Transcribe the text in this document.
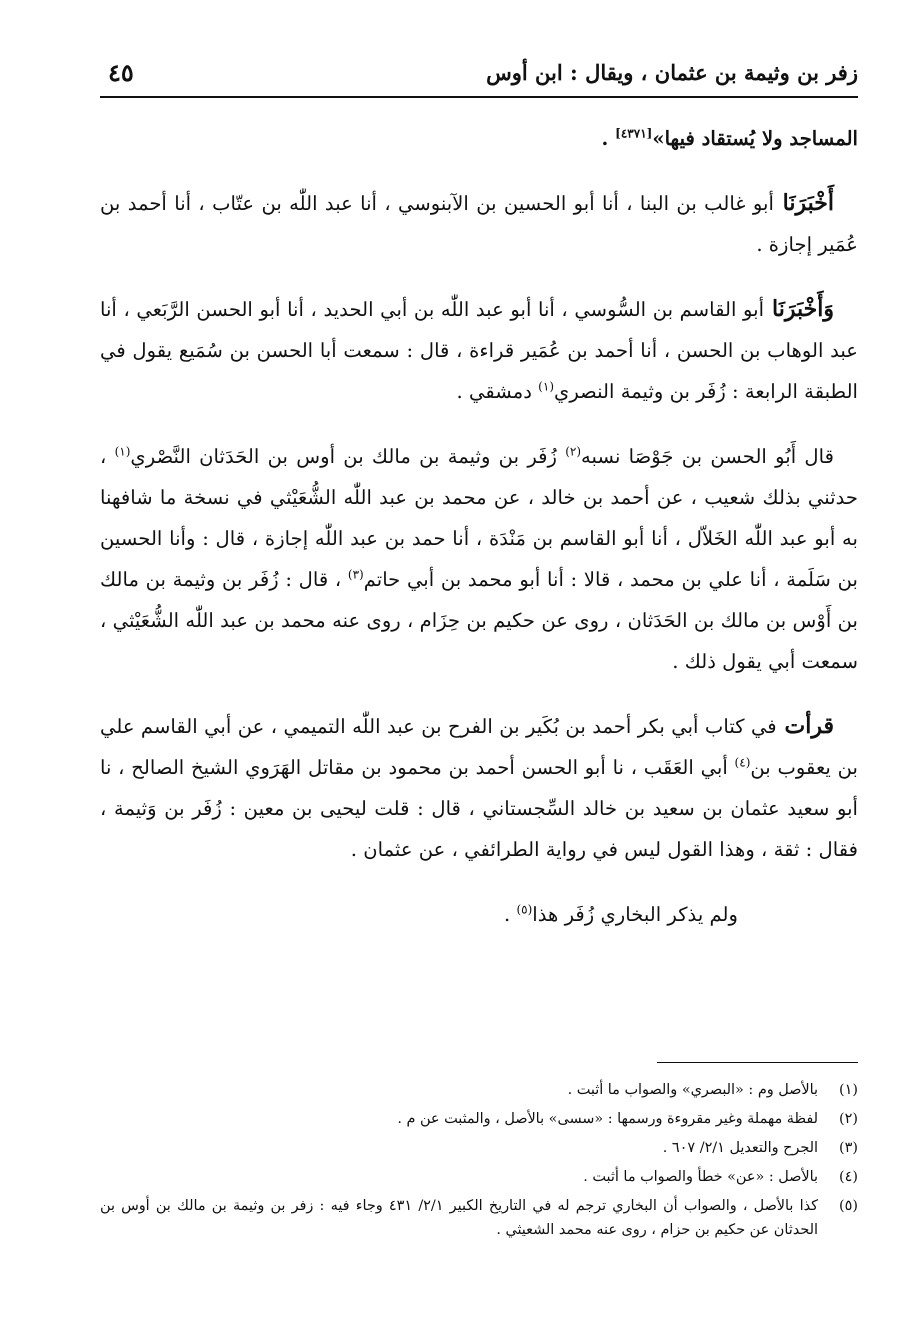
زفر بن وثيمة بن عثمان ، ويقال : ابن أوس
٤٥

المساجد ولا يُستقاد فيها»[٤٣٧١] .

أَخْبَرَنَا أبو غالب بن البنا ، أنا أبو الحسين بن الآبنوسي ، أنا عبد اللّٰه بن عتّاب ، أنا أحمد بن عُمَير إجازة .

وَأَخْبَرَنَا أبو القاسم بن السُّوسي ، أنا أبو عبد اللّٰه بن أبي الحديد ، أنا أبو الحسن الرَّبَعي ، أنا عبد الوهاب بن الحسن ، أنا أحمد بن عُمَير قراءة ، قال : سمعت أبا الحسن بن سُمَيع يقول في الطبقة الرابعة : زُفَر بن وثيمة النصري$^{(١)}$ دمشقي .

قال أَبُو الحسن بن جَوْصَا نسبه$^{(٢)}$ زُفَر بن وثيمة بن مالك بن أوس بن الحَدَثان النَّصْري$^{(١)}$ ، حدثني بذلك شعيب ، عن أحمد بن خالد ، عن محمد بن عبد اللّٰه الشُّعَيْثي في نسخة ما شافهنا به أبو عبد اللّٰه الخَلاّل ، أنا أبو القاسم بن مَنْدَة ، أنا حمد بن عبد اللّٰه إجازة ، قال : وأنا الحسين بن سَلَمة ، أنا علي بن محمد ، قالا : أنا أبو محمد بن أبي حاتم$^{(٣)}$ ، قال : زُفَر بن وثيمة بن مالك بن أَوْس بن مالك بن الحَدَثان ، روى عن حكيم بن حِزَام ، روى عنه محمد بن عبد اللّٰه الشُّعَيْثي ، سمعت أبي يقول ذلك .

قرأت في كتاب أبي بكر أحمد بن بُكَير بن الفرح بن عبد اللّٰه التميمي ، عن أبي القاسم علي بن يعقوب بن$^{(٤)}$ أبي العَقَب ، نا أبو الحسن أحمد بن محمود بن مقاتل الهَرَوي الشيخ الصالح ، نا أبو سعيد عثمان بن سعيد بن خالد السِّجستاني ، قال : قلت ليحيى بن معين : زُفَر بن وَثيمة ، فقال : ثقة ، وهذا القول ليس في رواية الطرائفي ، عن عثمان .

ولم يذكر البخاري زُفَر هذا$^{(٥)}$ .

(١)
بالأصل وم : «البصري» والصواب ما أثبت .
(٢)
لفظة مهملة وغير مقروءة ورسمها : «سسى» بالأصل ، والمثبت عن م .
(٣)
الجرح والتعديل ٢/١/ ٦٠٧ .
(٤)
بالأصل : «عن» خطأ والصواب ما أثبت .
(٥)
كذا بالأصل ، والصواب أن البخاري ترجم له في التاريخ الكبير ٢/١/ ٤٣١ وجاء فيه : زفر بن وثيمة بن مالك بن أوس بن الحدثان عن حكيم بن حزام ، روى عنه محمد الشعيثي .
